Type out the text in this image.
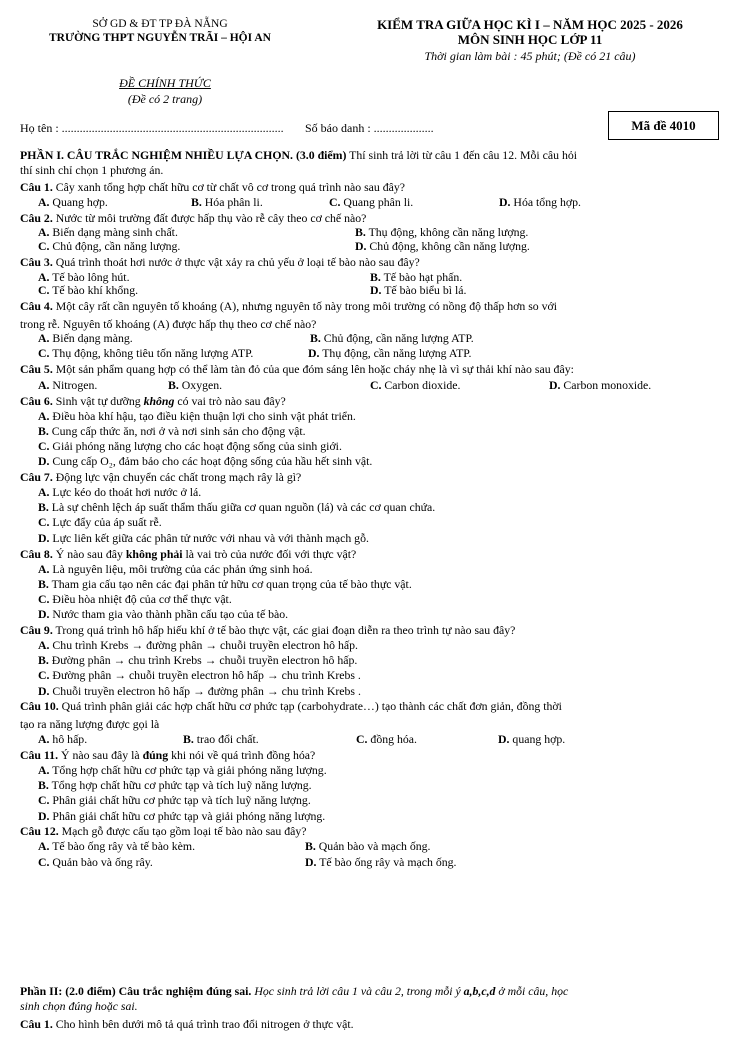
SỞ GD & ĐT TP ĐÀ NẴNG
TRƯỜNG THPT NGUYỄN TRÃI – HỘI AN
KIỂM TRA GIỮA HỌC KÌ I – NĂM HỌC 2025 - 2026
MÔN SINH HỌC LỚP 11
Thời gian làm bài : 45 phút; (Đề có 21 câu)
ĐỀ CHÍNH THỨC
(Đề có 2 trang)
Họ tên : .......................................................................... Số báo danh : ....................	Mã đề 4010
PHẦN I. CÂU TRẮC NGHIỆM NHIỀU LỰA CHỌN. (3.0 điểm) Thí sinh trả lời từ câu 1 đến câu 12. Mỗi câu hỏi
thí sinh chỉ chọn 1 phương án.
Câu 1. Cây xanh tổng hợp chất hữu cơ từ chất vô cơ trong quá trình nào sau đây?
A. Quang hợp.	B. Hóa phân li.	C. Quang phân li.	D. Hóa tổng hợp.
Câu 2. Nước từ môi trường đất được hấp thụ vào rễ cây theo cơ chế nào?
A. Biến dạng màng sinh chất.	B. Thụ động, không cần năng lượng.
C. Chủ động, cần năng lượng.	D. Chủ động, không cần năng lượng.
Câu 3. Quá trình thoát hơi nước ở thực vật xảy ra chủ yếu ở loại tế bào nào sau đây?
A. Tế bào lông hút.	B. Tế bào hạt phấn.
C. Tế bào khí khổng.	D. Tế bào biểu bì lá.
Câu 4. Một cây rất cần nguyên tố khoáng (A), nhưng nguyên tố này trong môi trường có nồng độ thấp hơn so với
trong rễ. Nguyên tố khoáng (A) được hấp thụ theo cơ chế nào?
A. Biến dạng màng.	B. Chủ động, cần năng lượng ATP.
C. Thụ động, không tiêu tốn năng lượng ATP.	D. Thụ động, cần năng lượng ATP.
Câu 5. Một sản phẩm quang hợp có thể làm tàn đỏ của que đóm sáng lên hoặc cháy nhẹ là vì sự thải khí nào sau đây:
A. Nitrogen.	B. Oxygen.	C. Carbon dioxide.	D. Carbon monoxide.
Câu 6. Sinh vật tự dưỡng không có vai trò nào sau đây?
A. Điều hòa khí hậu, tạo điều kiện thuận lợi cho sinh vật phát triển.
B. Cung cấp thức ăn, nơi ở và nơi sinh sản cho động vật.
C. Giải phóng năng lượng cho các hoạt động sống của sinh giới.
D. Cung cấp O₂, đảm bảo cho các hoạt động sống của hầu hết sinh vật.
Câu 7. Động lực vận chuyển các chất trong mạch rây là gì?
A. Lực kéo do thoát hơi nước ở lá.
B. Là sự chênh lệch áp suất thẩm thấu giữa cơ quan nguồn (lá) và các cơ quan chứa.
C. Lực đẩy của áp suất rễ.
D. Lực liên kết giữa các phân tử nước với nhau và với thành mạch gỗ.
Câu 8. Ý nào sau đây không phải là vai trò của nước đối với thực vật?
A. Là nguyên liệu, môi trường của các phản ứng sinh hoá.
B. Tham gia cấu tạo nên các đại phân tử hữu cơ quan trọng của tế bào thực vật.
C. Điều hòa nhiệt độ của cơ thể thực vật.
D. Nước tham gia vào thành phần cấu tạo của tế bào.
Câu 9. Trong quá trình hô hấp hiếu khí ở tế bào thực vật, các giai đoạn diễn ra theo trình tự nào sau đây?
A. Chu trình Krebs → đường phân → chuỗi truyền electron hô hấp.
B. Đường phân → chu trình Krebs → chuỗi truyền electron hô hấp.
C. Đường phân → chuỗi truyền electron hô hấp → chu trình Krebs .
D. Chuỗi truyền electron hô hấp → đường phân → chu trình Krebs .
Câu 10. Quá trình phân giải các hợp chất hữu cơ phức tạp (carbohydrate…) tạo thành các chất đơn giản, đồng thời
tạo ra năng lượng được gọi là
A. hô hấp.	B. trao đổi chất.	C. đồng hóa.	D. quang hợp.
Câu 11. Ý nào sau đây là đúng khi nói về quá trình đồng hóa?
A. Tổng hợp chất hữu cơ phức tạp và giải phóng năng lượng.
B. Tổng hợp chất hữu cơ phức tạp và tích luỹ năng lượng.
C. Phân giải chất hữu cơ phức tạp và tích luỹ năng lượng.
D. Phân giải chất hữu cơ phức tạp và giải phóng năng lượng.
Câu 12. Mạch gỗ được cấu tạo gồm loại tế bào nào sau đây?
A. Tế bào ống rây và tế bào kèm.	B. Quản bào và mạch ống.
C. Quản bào và ống rây.	D. Tế bào ống rây và mạch ống.
Phần II: (2.0 điểm) Câu trắc nghiệm đúng sai. Học sinh trả lời câu 1 và câu 2, trong mỗi ý a,b,c,d ở mỗi câu, học
sinh chọn đúng hoặc sai.
Câu 1. Cho hình bên dưới mô tả quá trình trao đổi nitrogen ở thực vật.
